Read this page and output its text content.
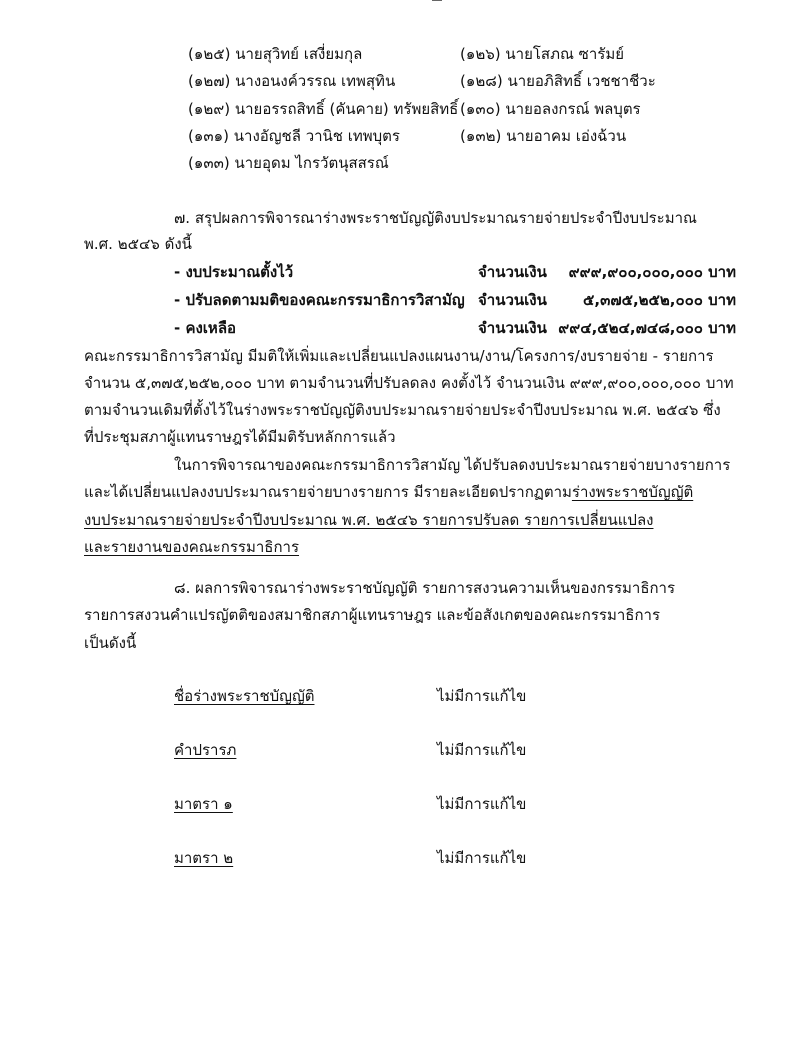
(๑๒๕) นายสุวิทย์ เสงี่ยมกุล	(๑๒๖) นายโสภณ ซารัมย์
(๑๒๗) นางอนงค์วรรณ เทพสุทิน	(๑๒๘) นายอภิสิทธิ์ เวชชาชีวะ
(๑๒๙) นายอรรถสิทธิ์ (คันคาย) ทรัพยสิทธิ์ (๑๓๐) นายอลงกรณ์ พลบุตร
(๑๓๑) นางอัญชลี วานิช เทพบุตร	(๑๓๒) นายอาคม เอ่งฉ้วน
(๑๓๓) นายอุดม ไกรวัตนุสสรณ์
๗. สรุปผลการพิจารณาร่างพระราชบัญญัติงบประมาณรายจ่ายประจำปีงบประมาณ
พ.ศ. ๒๕๔๖ ดังนี้
- งบประมาณตั้งไว้	จำนวนเงิน	๙๙๙,๙๐๐,๐๐๐,๐๐๐ บาท
- ปรับลดตามมติของคณะกรรมาธิการวิสามัญ จำนวนเงิน	๕,๓๗๕,๒๕๒,๐๐๐ บาท
- คงเหลือ	จำนวนเงิน ๙๙๔,๕๒๔,๗๔๘,๐๐๐ บาท
คณะกรรมาธิการวิสามัญ มีมติให้เพิ่มและเปลี่ยนแปลงแผนงาน/งาน/โครงการ/งบรายจ่าย - รายการ
จำนวน ๕,๓๗๕,๒๕๒,๐๐๐ บาท ตามจำนวนที่ปรับลดลง คงตั้งไว้ จำนวนเงิน ๙๙๙,๙๐๐,๐๐๐,๐๐๐ บาท
ตามจำนวนเดิมที่ตั้งไว้ในร่างพระราชบัญญัติงบประมาณรายจ่ายประจำปีงบประมาณ พ.ศ. ๒๕๔๖ ซึ่ง
ที่ประชุมสภาผู้แทนราษฎรได้มีมติรับหลักการแล้ว
ในการพิจารณาของคณะกรรมาธิการวิสามัญ ได้ปรับลดงบประมาณรายจ่ายบางรายการ
และได้เปลี่ยนแปลงงบประมาณรายจ่ายบางรายการ มีรายละเอียดปรากฏตามร่างพระราชบัญญัติ
งบประมาณรายจ่ายประจำปีงบประมาณ พ.ศ. ๒๕๔๖ รายการปรับลด รายการเปลี่ยนแปลง
และรายงานของคณะกรรมาธิการ
๘. ผลการพิจารณาร่างพระราชบัญญัติ รายการสงวนความเห็นของกรรมาธิการ
รายการสงวนคำแปรญัตติของสมาชิกสภาผู้แทนราษฎร และข้อสังเกตของคณะกรรมาธิการ
เป็นดังนี้
ชื่อร่างพระราชบัญญัติ	ไม่มีการแก้ไข
คำปรารภ	ไม่มีการแก้ไข
มาตรา ๑	ไม่มีการแก้ไข
มาตรา ๒	ไม่มีการแก้ไข
